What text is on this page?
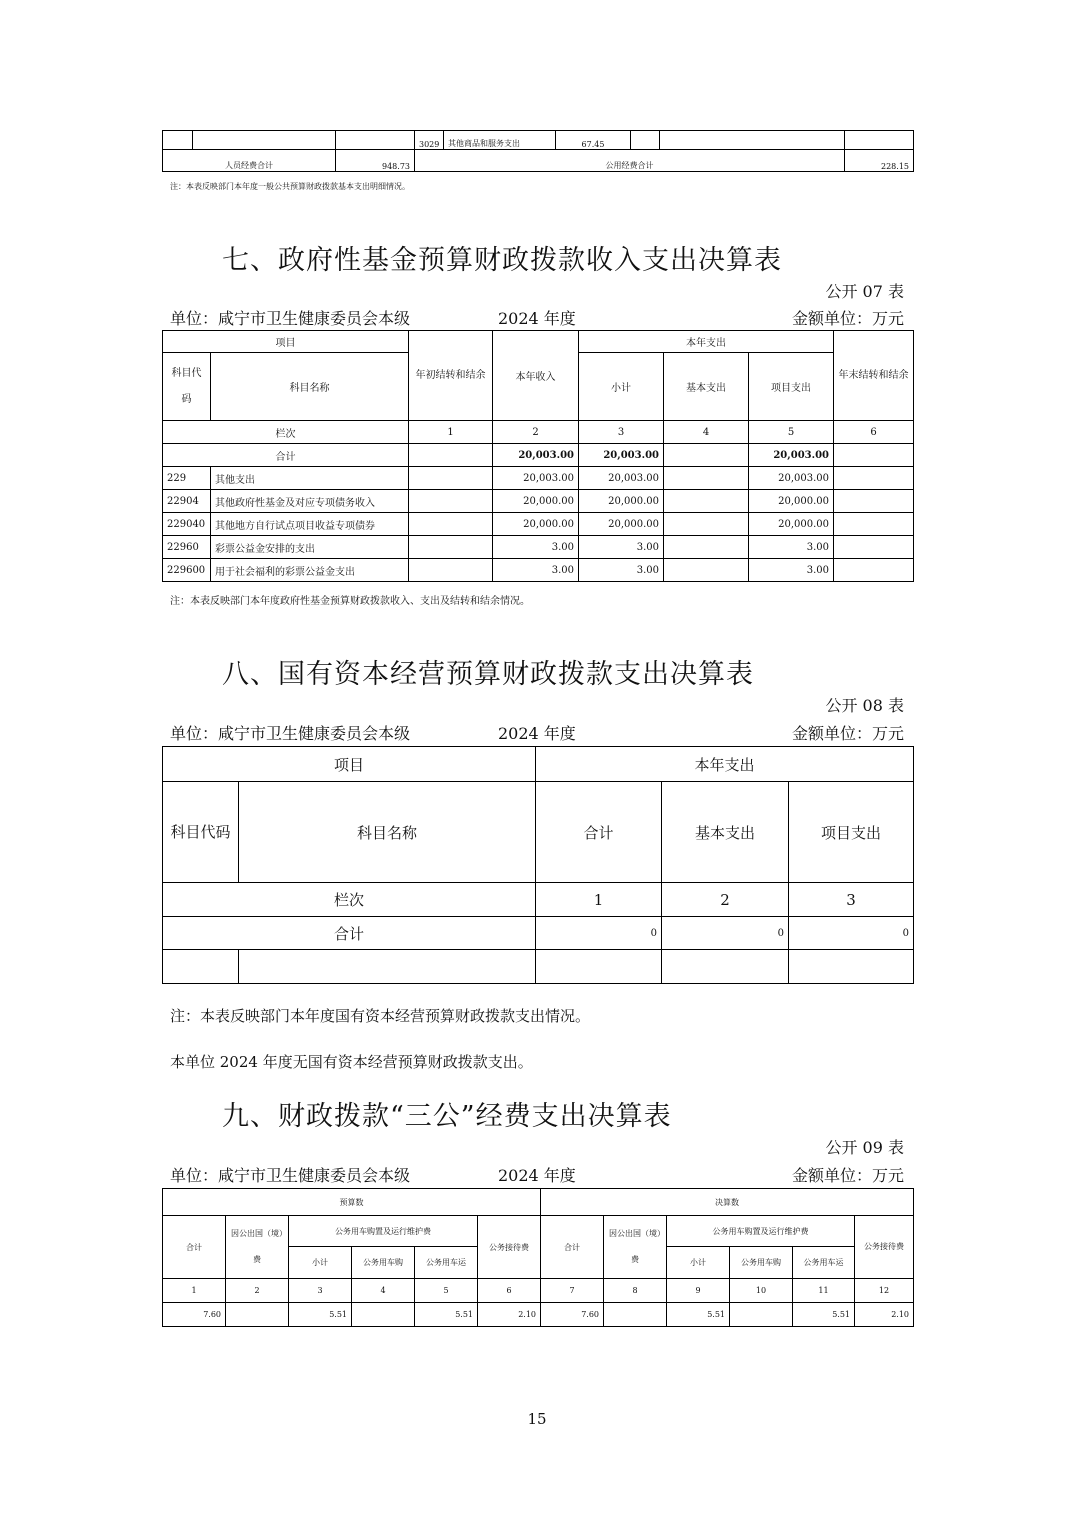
			3029	其他商品和服务支出	67.45			
人员经费合计		948.73	公用经费合计					228.15
注：本表反映部门本年度一般公共预算财政拨款基本支出明细情况。
七、政府性基金预算财政拨款收入支出决算表
公开 07 表
单位：咸宁市卫生健康委员会本级	2024 年度	金额单位：万元
项目		年初结转和结余	本年收入	本年支出			年末结转和结余
科目代码	科目名称			小计	基本支出	项目支出	
栏次		1	2	3	4	5	6
合计			20,003.00	20,003.00		20,003.00	
229	其他支出		20,003.00	20,003.00		20,003.00	
22904	其他政府性基金及对应专项债务收入		20,000.00	20,000.00		20,000.00	
229040	其他地方自行试点项目收益专项债券		20,000.00	20,000.00		20,000.00	
22960	彩票公益金安排的支出		3.00	3.00		3.00	
229600	用于社会福利的彩票公益金支出		3.00	3.00		3.00	
注：本表反映部门本年度政府性基金预算财政拨款收入、支出及结转和结余情况。
八、国有资本经营预算财政拨款支出决算表
公开 08 表
单位：咸宁市卫生健康委员会本级	2024 年度	金额单位：万元
项目		本年支出		
科目代码	科目名称	合计	基本支出	项目支出
栏次		1	2	3
合计		0	0	0

注：本表反映部门本年度国有资本经营预算财政拨款支出情况。
本单位 2024 年度无国有资本经营预算财政拨款支出。
九、财政拨款“三公”经费支出决算表
公开 09 表
单位：咸宁市卫生健康委员会本级	2024 年度	金额单位：万元
预算数						决算数					
合计	因公出国（境）费	公务用车购置及运行维护费			公务接待费	合计	因公出国（境）费	公务用车购置及运行维护费			公务接待费
		小计	公务用车购	公务用车运				小计	公务用车购	公务用车运	
1	2	3	4	5	6	7	8	9	10	11	12
7.60		5.51		5.51	2.10	7.60		5.51		5.51	2.10
15
